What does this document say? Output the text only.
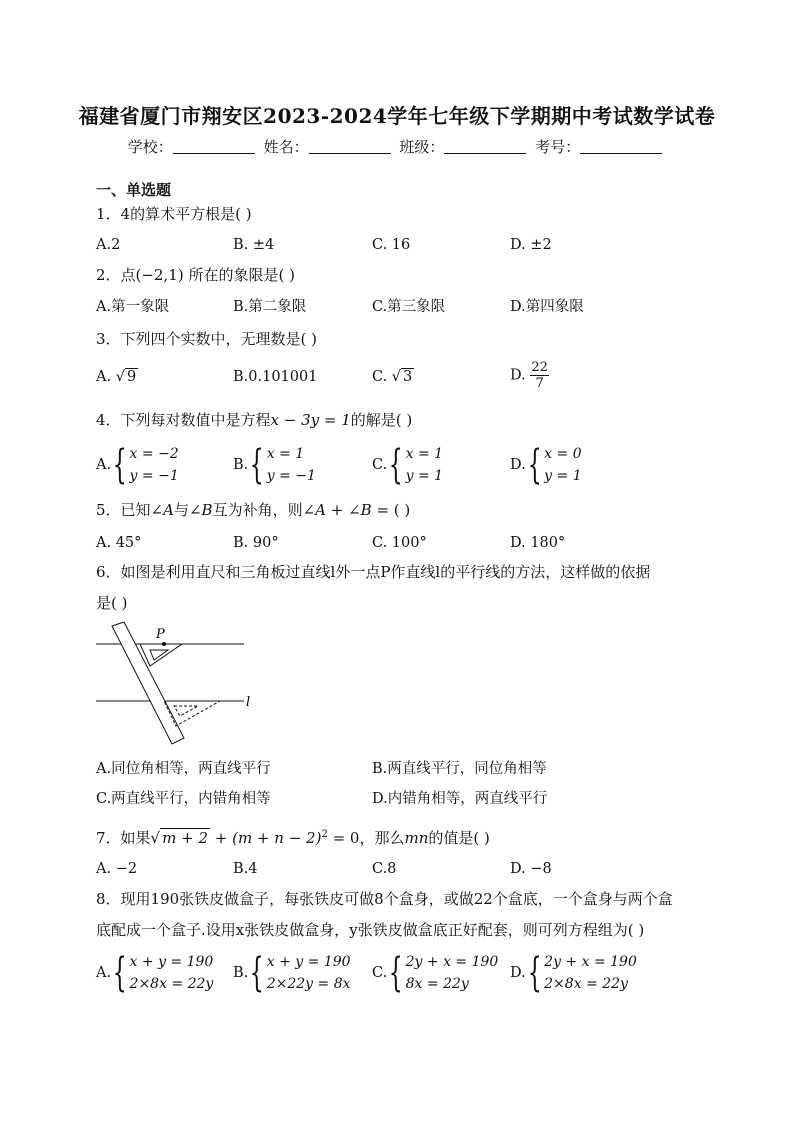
福建省厦门市翔安区2023-2024学年七年级下学期期中考试数学试卷
学校：	姓名：	班级：	考号：
一、单选题
1．4的算术平方根是( )
A.2	B. ±4	C. 16	D. ±2
2．点(−2,1) 所在的象限是( )
A.第一象限	B.第二象限	C.第三象限	D.第四象限
3．下列四个实数中，无理数是( )
A. √ 9	B.0.101001	C. √ 3	D. $\frac{22}{7}$
4．下列每对数值中是方程x − 3y = 1的解是( )
A. { x = −2
y = −1
B. { x = 1
y = −1
C. { x = 1
y = 1
D. { x = 0
y = 1
5．已知∠A与∠B互为补角，则∠A + ∠B = ( )
A. 45°	B. 90°	C. 100°	D. 180°
6．如图是利用直尺和三角板过直线l外一点P作直线l的平行线的方法，这样做的依据
是( )
P
l
A.同位角相等，两直线平行	B.两直线平行，同位角相等
C.两直线平行，内错角相等	D.内错角相等，两直线平行
7．如果√ $m + 2 + (m + n - 2)^2 = 0$，那么mn的值是( )
A. −2	B.4	C.8	D. −8
8．现用190张铁皮做盒子，每张铁皮可做8个盒身，或做22个盒底，一个盒身与两个盒
底配成一个盒子.设用x张铁皮做盒身，y张铁皮做盒底正好配套，则可列方程组为( )
A. { x + y = 190
2×8x = 22y
B. { x + y = 190
2×22y = 8x
C. { 2y + x = 190
8x = 22y
D. { 2y + x = 190
2×8x = 22y
